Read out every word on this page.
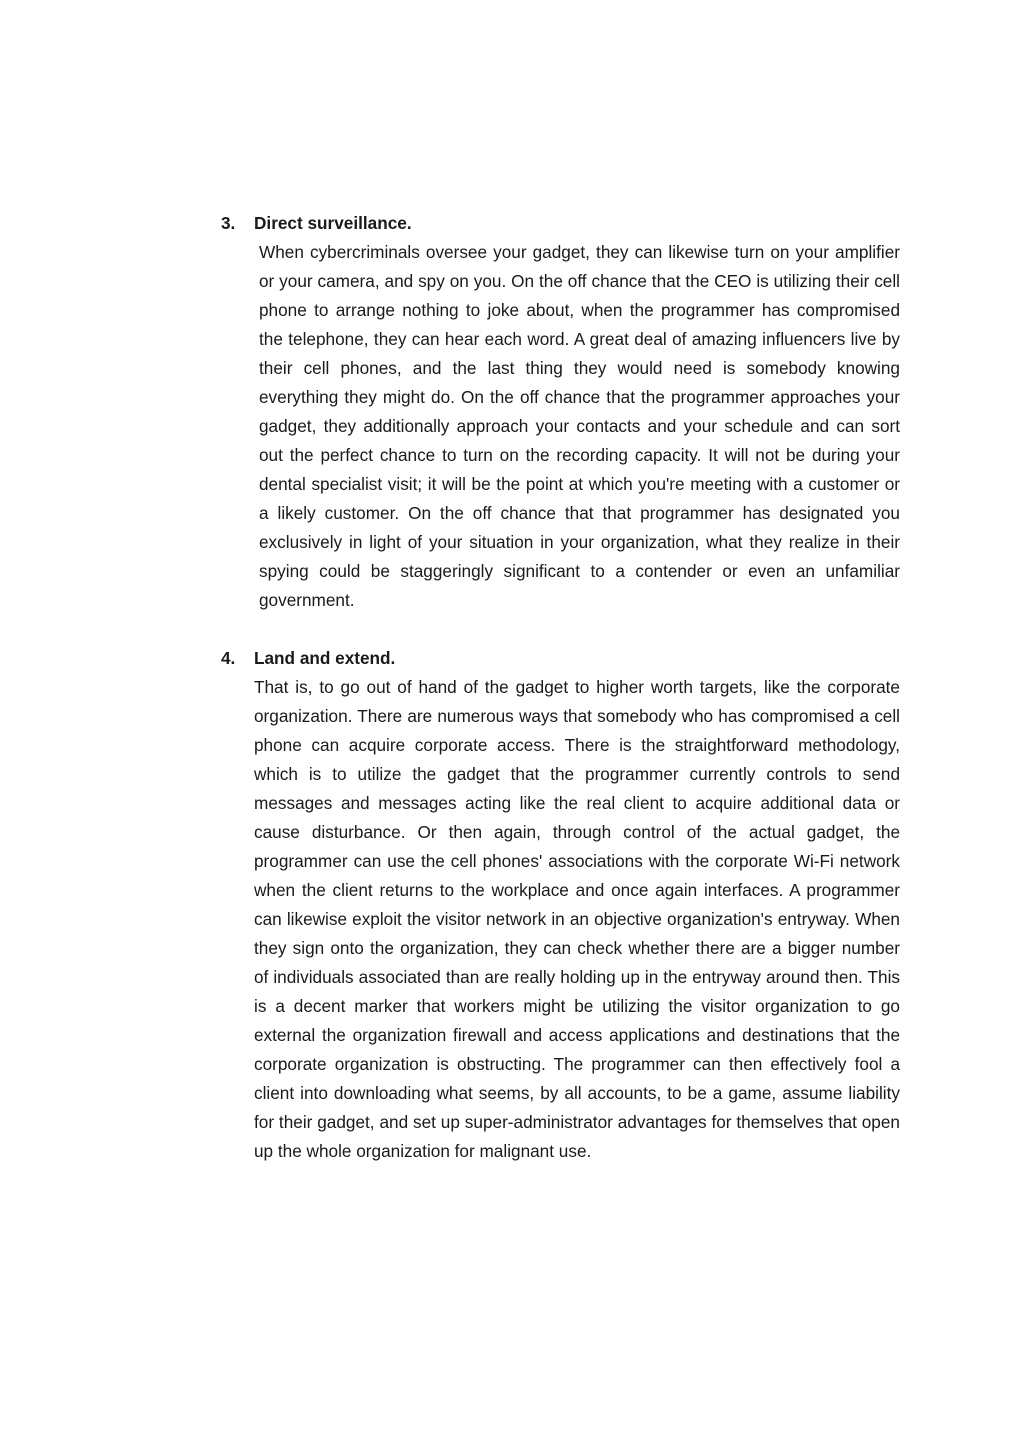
3. Direct surveillance.

When cybercriminals oversee your gadget, they can likewise turn on your amplifier or your camera, and spy on you. On the off chance that the CEO is utilizing their cell phone to arrange nothing to joke about, when the programmer has compromised the telephone, they can hear each word. A great deal of amazing influencers live by their cell phones, and the last thing they would need is somebody knowing everything they might do. On the off chance that the programmer approaches your gadget, they additionally approach your contacts and your schedule and can sort out the perfect chance to turn on the recording capacity. It will not be during your dental specialist visit; it will be the point at which you're meeting with a customer or a likely customer. On the off chance that that programmer has designated you exclusively in light of your situation in your organization, what they realize in their spying could be staggeringly significant to a contender or even an unfamiliar government.

4. Land and extend.

That is, to go out of hand of the gadget to higher worth targets, like the corporate organization. There are numerous ways that somebody who has compromised a cell phone can acquire corporate access. There is the straightforward methodology, which is to utilize the gadget that the programmer currently controls to send messages and messages acting like the real client to acquire additional data or cause disturbance. Or then again, through control of the actual gadget, the programmer can use the cell phones' associations with the corporate Wi-Fi network when the client returns to the workplace and once again interfaces. A programmer can likewise exploit the visitor network in an objective organization's entryway. When they sign onto the organization, they can check whether there are a bigger number of individuals associated than are really holding up in the entryway around then. This is a decent marker that workers might be utilizing the visitor organization to go external the organization firewall and access applications and destinations that the corporate organization is obstructing. The programmer can then effectively fool a client into downloading what seems, by all accounts, to be a game, assume liability for their gadget, and set up super-administrator advantages for themselves that open up the whole organization for malignant use.
